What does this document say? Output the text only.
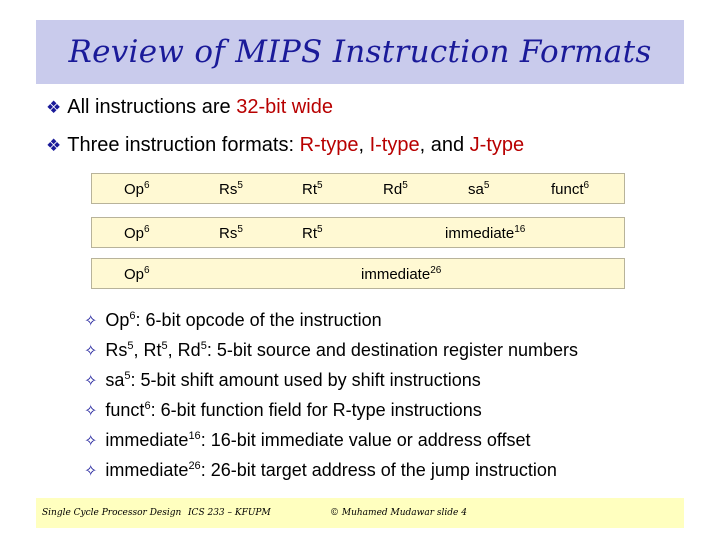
Review of MIPS Instruction Formats
❖ All instructions are 32-bit wide
❖ Three instruction formats: R-type, I-type, and J-type
Op$^6$	Rs$^5$	Rt$^5$	Rd$^5$	$sa^5$	funct$^6$
Op$^6$	Rs$^5$	Rt$^5$	immediate$^{16}$
Op$^6$	immediate$^{26}$
✧ Op$^6$: 6-bit opcode of the instruction
✧ Rs$^5$, Rt$^5$, Rd$^5$: 5-bit source and destination register numbers
✧ $sa^5$: 5-bit shift amount used by shift instructions
✧ funct$^6$: 6-bit function field for R-type instructions
✧ immediate$^{16}$: 16-bit immediate value or address offset
✧ immediate$^{26}$: 26-bit target address of the jump instruction
Single Cycle Processor Design ICS 233 – KFUPM	© Muhamed Mudawar slide 4
